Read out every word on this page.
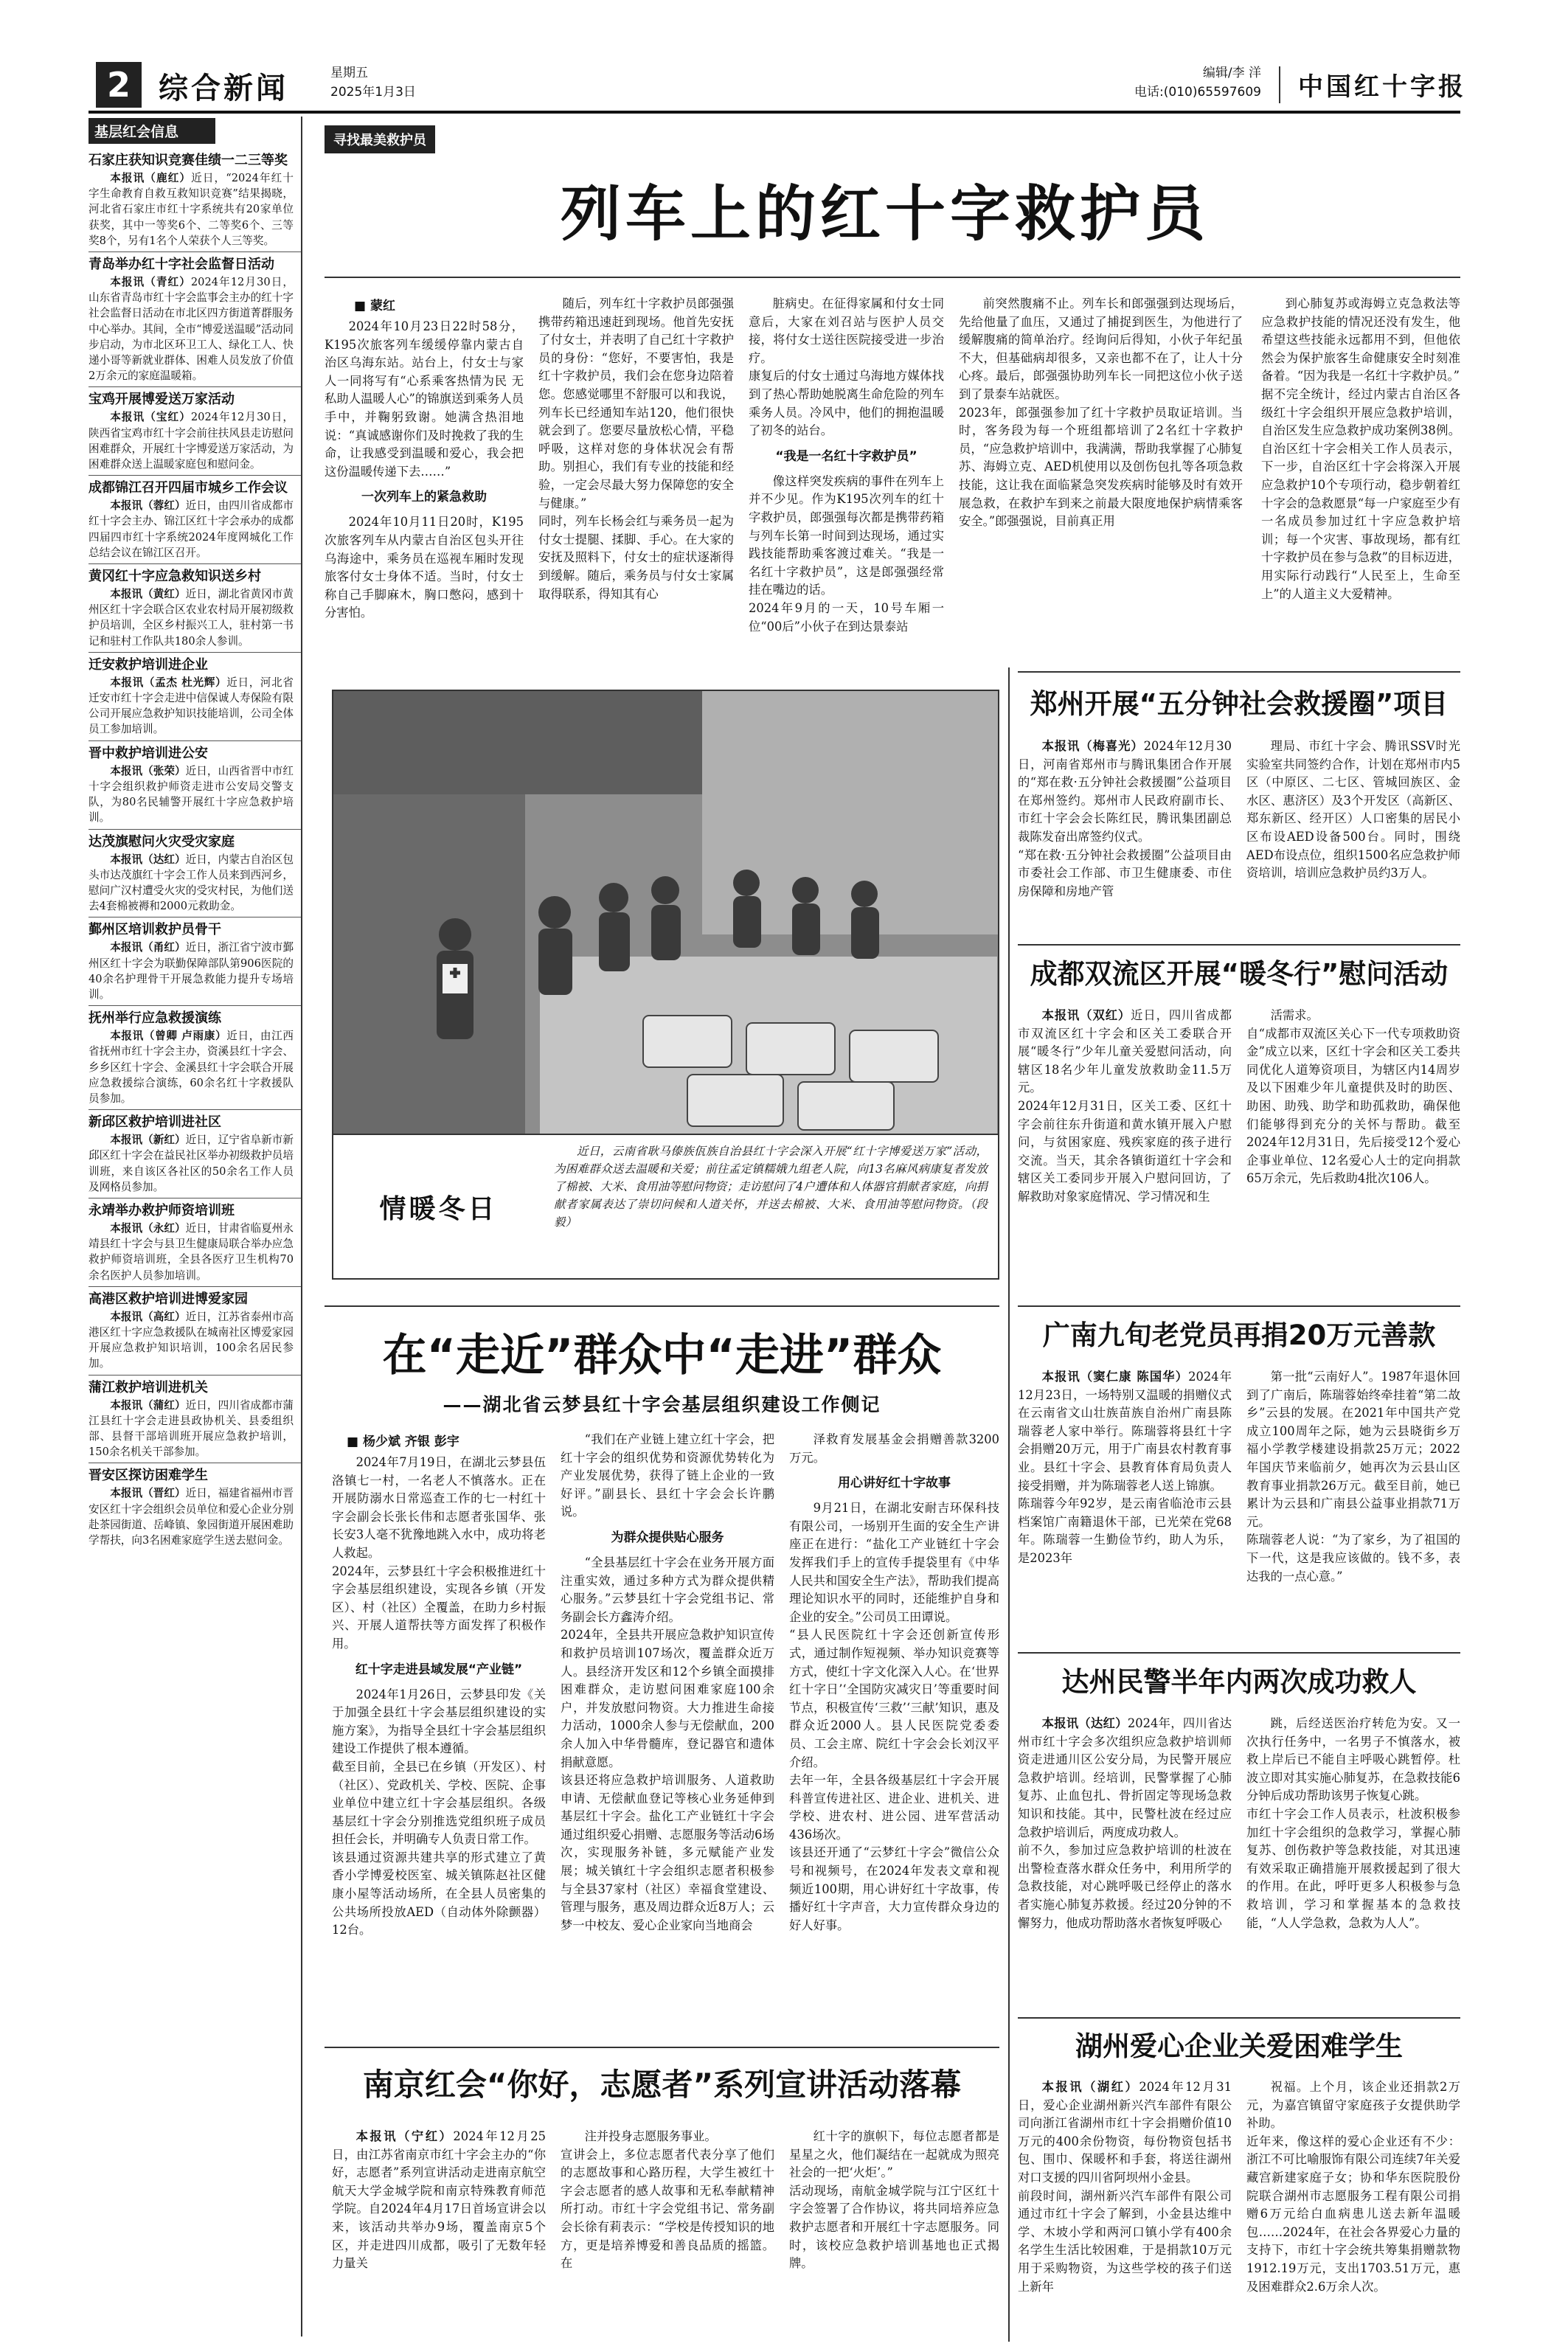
2 综合新闻	星期五
2025年1月3日
编辑/李 洋
电话:(010)65597609 中国红十字报
基层红会信息
石家庄获知识竞赛佳绩一二三等奖
本报讯（鹿红）近日，“2024年红十字生命教育自救互救知识竞赛”结果揭晓，河北省石家庄市红十字系统共有20家单位获奖，其中一等奖6个、二等奖6个、三等奖8个，另有1名个人荣获个人三等奖。
青岛举办红十字社会监督日活动
本报讯（青红）2024年12月30日，山东省青岛市红十字会监事会主办的红十字社会监督日活动在市北区四方街道菁群服务中心举办。其间，全市“博爱送温暖”活动同步启动，为市北区环卫工人、绿化工人、快递小哥等新就业群体、困难人员发放了价值2万余元的家庭温暖箱。
宝鸡开展博爱送万家活动
本报讯（宝红）2024年12月30日，陕西省宝鸡市红十字会前往扶风县走访慰问困难群众，开展红十字博爱送万家活动，为困难群众送上温暖家庭包和慰问金。
成都锦江召开四届市城乡工作会议
本报讯（蓉红）近日，由四川省成都市红十字会主办、锦江区红十字会承办的成都四届四市红十字系统2024年度网城化工作总结会议在锦江区召开。
黄冈红十字应急救知识送乡村
本报讯（黄红）近日，湖北省黄冈市黄州区红十字会联合区农业农村局开展初级救护员培训，全区乡村振兴工人，驻村第一书记和驻村工作队共180余人参训。
迁安救护培训进企业
本报讯（孟杰 杜光辉）近日，河北省迁安市红十字会走进中信保诚人寿保险有限公司开展应急救护知识技能培训，公司全体员工参加培训。
晋中救护培训进公安
本报讯（张荣）近日，山西省晋中市红十字会组织救护师资走进市公安局交警支队，为80名民辅警开展红十字应急救护培训。
达茂旗慰问火灾受灾家庭
本报讯（达红）近日，内蒙古自治区包头市达茂旗红十字会工作人员来到西河乡，慰问广汉村遭受火灾的受灾村民，为他们送去4套棉被褥和2000元救助金。
鄞州区培训救护员骨干
本报讯（甬红）近日，浙江省宁波市鄞州区红十字会为联勤保障部队第906医院的40余名护理骨干开展急救能力提升专场培训。
抚州举行应急救援演练
本报讯（曾卿 卢雨康）近日，由江西省抚州市红十字会主办，资溪县红十字会、乡乡区红十字会、金溪县红十字会联合开展应急救援综合演练，60余名红十字救援队员参加。
新邱区救护培训进社区
本报讯（新红）近日，辽宁省阜新市新邱区红十字会在益民社区举办初级救护员培训班，来自该区各社区的50余名工作人员及网格员参加。
永靖举办救护师资培训班
本报讯（永红）近日，甘肃省临夏州永靖县红十字会与县卫生健康局联合举办应急救护师资培训班，全县各医疗卫生机构70余名医护人员参加培训。
高港区救护培训进博爱家园
本报讯（高红）近日，江苏省泰州市高港区红十字应急救援队在城南社区博爱家园开展应急救护知识培训，100余名居民参加。
蒲江救护培训进机关
本报讯（蒲红）近日，四川省成都市蒲江县红十字会走进县政协机关、县委组织部、县督干部培训班开展应急救护培训，150余名机关干部参加。
晋安区探访困难学生
本报讯（晋红）近日，福建省福州市晋安区红十字会组织会员单位和爱心企业分别赴茶园街道、岳峰镇、象园街道开展困难助学帮扶，向3名困难家庭学生送去慰问金。
寻找最美救护员
列车上的红十字救护员
■ 蒙红
2024年10月23日22时58分，K195次旅客列车缓缓停靠内蒙古自治区乌海东站。站台上，付女士与家人一同将写有“心系乘客热情为民 无私助人温暖人心”的锦旗送到乘务人员手中，并鞠躬致谢。她满含热泪地说：“真诚感谢你们及时挽救了我的生命，让我感受到温暖和爱心，我会把这份温暖传递下去……”
一次列车上的紧急救助
2024年10月11日20时，K195次旅客列车从内蒙古自治区包头开往乌海途中，乘务员在巡视车厢时发现旅客付女士身体不适。当时，付女士称自己手脚麻木，胸口憋闷，感到十分害怕。
随后，列车红十字救护员郎强强携带药箱迅速赶到现场。他首先安抚了付女士，并表明了自己红十字救护员的身份：“您好，不要害怕，我是红十字救护员，我们会在您身边陪着您。您感觉哪里不舒服可以和我说，列车长已经通知车站120，他们很快就会到了。您要尽量放松心情，平稳呼吸，这样对您的身体状况会有帮助。别担心，我们有专业的技能和经验，一定会尽最大努力保障您的安全与健康。”
同时，列车长杨会红与乘务员一起为付女士提腿、揉脚、手心。在大家的安抚及照料下，付女士的症状逐渐得到缓解。随后，乘务员与付女士家属取得联系，得知其有心
脏病史。在征得家属和付女士同意后，大家在刘召站与医护人员交接，将付女士送往医院接受进一步治疗。
康复后的付女士通过乌海地方媒体找到了热心帮助她脱离生命危险的列车乘务人员。冷风中，他们的拥抱温暖了初冬的站台。
“我是一名红十字救护员”
像这样突发疾病的事件在列车上并不少见。作为K195次列车的红十字救护员，郎强强每次都是携带药箱与列车长第一时间到达现场，通过实践技能帮助乘客渡过难关。“我是一名红十字救护员”，这是郎强强经常挂在嘴边的话。
2024年9月的一天，10号车厢一位“00后”小伙子在到达景泰站
前突然腹痛不止。列车长和郎强强到达现场后，先给他量了血压，又通过了捕捉到医生，为他进行了缓解腹痛的简单治疗。经询问后得知，小伙子年纪虽不大，但基础病却很多，又亲也都不在了，让人十分心疼。最后，郎强强协助列车长一同把这位小伙子送到了景泰车站就医。
2023年，郎强强参加了红十字救护员取证培训。当时，客务段为每一个班组都培训了2名红十字救护员，“应急救护培训中，我满满，帮助我掌握了心肺复苏、海姆立克、AED机使用以及创伤包扎等各项急救技能，这让我在面临紧急突发疾病时能够及时有效开展急救，在救护车到来之前最大限度地保护病情乘客安全。”郎强强说，目前真正用
到心肺复苏或海姆立克急救法等应急救护技能的情况还没有发生，他希望这些技能永远都用不到，但他依然会为保护旅客生命健康安全时刻准备着。“因为我是一名红十字救护员。”
据不完全统计，经过内蒙古自治区各级红十字会组织开展应急救护培训，自治区发生应急救护成功案例38例。自治区红十字会相关工作人员表示，下一步，自治区红十字会将深入开展应急救护10个专项行动，稳步朝着红十字会的急救愿景“每一户家庭至少有一名成员参加过红十字应急救护培训；每一个灾害、事故现场，都有红十字救护员在参与急救”的目标迈进，用实际行动践行“人民至上，生命至上”的人道主义大爱精神。
情暖冬日
近日，云南省耿马傣族佤族自治县红十字会深入开展“红十字博爱送万家”活动，为困难群众送去温暖和关爱；前往孟定镇糯娥九组老人院，向13名麻风病康复者发放了棉被、大米、食用油等慰问物资；走访慰问了4户遭体和人体器官捐献者家庭，向捐献者家属表达了崇切问候和人道关怀，并送去棉被、大米、食用油等慰问物资。（段毅）
郑州开展“五分钟社会救援圈”项目
本报讯（梅喜光）2024年12月30日，河南省郑州市与腾讯集团合作开展的“郑在救·五分钟社会救援圈”公益项目在郑州签约。郑州市人民政府副市长、市红十字会会长陈红民，腾讯集团副总裁陈发奋出席签约仪式。
“郑在救·五分钟社会救援圈”公益项目由市委社会工作部、市卫生健康委、市住房保障和房地产管
理局、市红十字会、腾讯SSV时光实验室共同签约合作，计划在郑州市内5区（中原区、二七区、管城回族区、金水区、惠济区）及3个开发区（高新区、郑东新区、经开区）人口密集的居民小区布设AED设备500台。同时，围绕AED布设点位，组织1500名应急救护师资培训，培训应急救护员约3万人。
成都双流区开展“暖冬行”慰问活动
本报讯（双红）近日，四川省成都市双流区红十字会和区关工委联合开展“暖冬行”少年儿童关爱慰问活动，向辖区18名少年儿童发放救助金11.5万元。
2024年12月31日，区关工委、区红十字会前往东升街道和黄水镇开展入户慰问，与贫困家庭、残疾家庭的孩子进行交流。当天，其余各镇街道红十字会和辖区关工委同步开展入户慰问回访，了解救助对象家庭情况、学习情况和生
活需求。
自“成都市双流区关心下一代专项救助资金”成立以来，区红十字会和区关工委共同优化人道筹资项目，为辖区内14周岁及以下困难少年儿童提供及时的助医、助困、助残、助学和助孤救助，确保他们能够得到充分的关怀与帮助。截至2024年12月31日，先后接受12个爱心企事业单位、12名爱心人士的定向捐款65万余元，先后救助4批次106人。
在“走近”群众中“走进”群众
——湖北省云梦县红十字会基层组织建设工作侧记
■ 杨少斌 齐银 彭宇
2024年7月19日，在湖北云梦县伍洛镇七一村，一名老人不慎落水。正在开展防溺水日常巡查工作的七一村红十字会副会长张长伟和志愿者张国华、张长安3人毫不犹豫地跳入水中，成功将老人救起。
2024年，云梦县红十字会积极推进红十字会基层组织建设，实现各乡镇（开发区）、村（社区）全覆盖，在助力乡村振兴、开展人道帮扶等方面发挥了积极作用。
红十字走进县域发展“产业链”
2024年1月26日，云梦县印发《关于加强全县红十字会基层组织建设的实施方案》，为指导全县红十字会基层组织建设工作提供了根本遵循。
截至目前，全县已在乡镇（开发区）、村（社区）、党政机关、学校、医院、企事业单位中建立红十字会基层组织。各级基层红十字会分别推选党组织班子成员担任会长，并明确专人负责日常工作。
该县通过资源共建共享的形式建立了黄香小学博爱校医室、城关镇陈赵社区健康小屋等活动场所，在全县人员密集的公共场所投放AED（自动体外除颤器）12台。
“我们在产业链上建立红十字会，把红十字会的组织优势和资源优势转化为产业发展优势，获得了链上企业的一致好评。”副县长、县红十字会会长许鹏说。
为群众提供贴心服务
“全县基层红十字会在业务开展方面注重实效，通过多种方式为群众提供精心服务。”云梦县红十字会党组书记、常务副会长方鑫涛介绍。
2024年，全县共开展应急救护知识宣传和救护员培训107场次，覆盖群众近万人。县经济开发区和12个乡镇全面摸排困难群众，走访慰问困难家庭100余户，并发放慰问物资。大力推进生命接力活动，1000余人参与无偿献血，200余人加入中华骨髓库，登记器官和遗体捐献意愿。
该县还将应急救护培训服务、人道救助申请、无偿献血登记等核心业务延伸到基层红十字会。盐化工产业链红十字会通过组织爱心捐赠、志愿服务等活动6场次，实现服务补链，多元赋能产业发展；城关镇红十字会组织志愿者积极参与全县37家村（社区）幸福食堂建设、管理与服务，惠及周边群众近8万人；云梦一中校友、爱心企业家向当地商会
泽救育发展基金会捐赠善款3200万元。
用心讲好红十字故事
9月21日，在湖北安耐吉环保科技有限公司，一场别开生面的安全生产讲座正在进行：“盐化工产业链红十字会发挥我们手上的宣传手提袋里有《中华人民共和国安全生产法》，帮助我们提高理论知识水平的同时，还能维护自身和企业的安全。”公司员工田谭说。
“县人民医院红十字会还创新宣传形式，通过制作短视频、举办知识竞赛等方式，使红十字文化深入人心。在‘世界红十字日’‘全国防灾减灾日’等重要时间节点，积极宣传‘三救’‘三献’知识，惠及群众近2000人。县人民医院党委委员、工会主席、院红十字会会长刘汉平介绍。
去年一年，全县各级基层红十字会开展科普宣传进社区、进企业、进机关、进学校、进农村、进公园、进军营活动436场次。
该县还开通了“云梦红十字会”微信公众号和视频号，在2024年发表文章和视频近100期，用心讲好红十字故事，传播好红十字声音，大力宣传群众身边的好人好事。
广南九旬老党员再捐20万元善款
本报讯（窦仁康 陈国华）2024年12月23日，一场特别又温暖的捐赠仪式在云南省文山壮族苗族自治州广南县陈瑞蓉老人家中举行。陈瑞蓉将县红十字会捐赠20万元，用于广南县农村教育事业。县红十字会、县教育体育局负责人接受捐赠，并为陈瑞蓉老人送上锦旗。
陈瑞蓉今年92岁，是云南省临沧市云县档案馆广南籍退休干部，已光荣在党68年。陈瑞蓉一生勤俭节约，助人为乐，是2023年
第一批“云南好人”。1987年退休回到了广南后，陈瑞蓉始终牵挂着“第二故乡”云县的发展。在2021年中国共产党成立100周年之际，她为云县晓街乡万福小学教学楼建设捐款25万元；2022年国庆节来临前夕，她再次为云县山区教育事业捐款26万元。截至目前，她已累计为云县和广南县公益事业捐款71万元。
陈瑞蓉老人说：“为了家乡，为了祖国的下一代，这是我应该做的。钱不多，表达我的一点心意。”
达州民警半年内两次成功救人
本报讯（达红）2024年，四川省达州市红十字会多次组织应急救护培训师资走进通川区公安分局，为民警开展应急救护培训。经培训，民警掌握了心肺复苏、止血包扎、骨折固定等现场急救知识和技能。其中，民警杜波在经过应急救护培训后，两度成功救人。
前不久，参加过应急救护培训的杜波在出警检查落水群众任务中，利用所学的急救技能，对心跳呼吸已经停止的落水者实施心肺复苏救援。经过20分钟的不懈努力，他成功帮助落水者恢复呼吸心
跳，后经送医治疗转危为安。又一次执行任务中，一名男子不慎落水，被救上岸后已不能自主呼吸心跳暂停。杜波立即对其实施心肺复苏，在急救技能6分钟后成功帮助该男子恢复心跳。
市红十字会工作人员表示，杜波积极参加红十字会组织的急救学习，掌握心肺复苏、创伤救护等急救技能，对其迅速有效采取正确措施开展救援起到了很大的作用。在此，呼吁更多人积极参与急救培训，学习和掌握基本的急救技能，“人人学急救，急救为人人”。
湖州爱心企业关爱困难学生
本报讯（湖红）2024年12月31日，爱心企业湖州新兴汽车部件有限公司向浙江省湖州市红十字会捐赠价值10万元的400余份物资，每份物资包括书包、围巾、保暖杯和手套，将送往湖州对口支援的四川省阿坝州小金县。
前段时间，湖州新兴汽车部件有限公司通过市红十字会了解到，小金县达维中学、木坡小学和两河口镇小学有400余名学生生活比较困难，于是捐款10万元用于采购物资，为这些学校的孩子们送上新年
祝福。上个月，该企业还捐款2万元，为嘉宫镇留守家庭孩子女提供助学补助。
近年来，像这样的爱心企业还有不少：浙江不可比喻服饰有限公司连续7年关爱藏宫新建家庭子女；协和华东医院股份院联合湖州市志愿服务工程有限公司捐赠6万元给白血病患儿送去新年温暖包……2024年，在社会各界爱心力量的支持下，市红十字会统共筹集捐赠款物1912.19万元，支出1703.51万元，惠及困难群众2.6万余人次。
南京红会“你好，志愿者”系列宣讲活动落幕
本报讯（宁红）2024年12月25日，由江苏省南京市红十字会主办的“你好，志愿者”系列宣讲活动走进南京航空航天大学金城学院和南京特殊教育师范学院。自2024年4月17日首场宣讲会以来，该活动共举办9场，覆盖南京5个区，并走进四川成都，吸引了无数年轻力量关
注并投身志愿服务事业。
宣讲会上，多位志愿者代表分享了他们的志愿故事和心路历程，大学生被红十字会志愿者的感人故事和无私奉献精神所打动。市红十字会党组书记、常务副会长徐有莉表示：“学校是传授知识的地方，更是培养博爱和善良品质的摇篮。在
红十字的旗帜下，每位志愿者都是星星之火，他们凝结在一起就成为照亮社会的一把‘火炬’。”
活动现场，南航金城学院与江宁区红十字会签署了合作协议，将共同培养应急救护志愿者和开展红十字志愿服务。同时，该校应急救护培训基地也正式揭牌。
